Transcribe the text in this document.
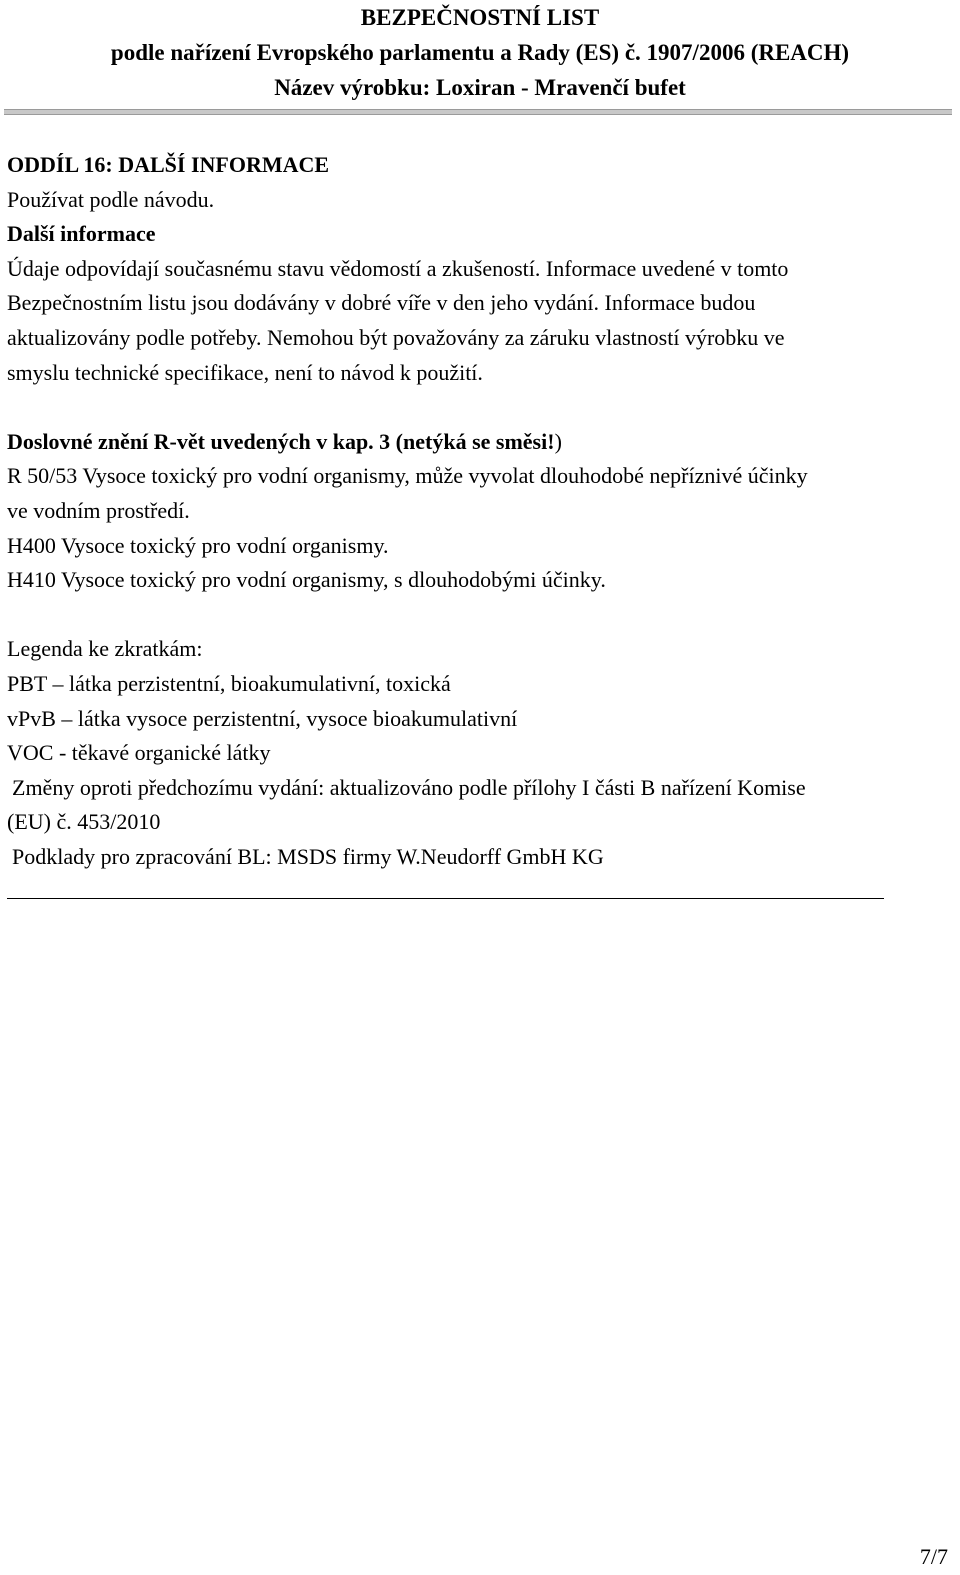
BEZPEČNOSTNÍ LIST
podle nařízení Evropského parlamentu a Rady (ES) č. 1907/2006 (REACH)
Název výrobku: Loxiran - Mravenčí bufet
ODDÍL 16: DALŠÍ INFORMACE
Používat podle návodu.
Další informace
Údaje odpovídají současnému stavu vědomostí a zkušeností. Informace uvedené v tomto
Bezpečnostním listu jsou dodávány v dobré víře v den jeho vydání. Informace budou
aktualizovány podle potřeby. Nemohou být považovány za záruku vlastností výrobku ve
smyslu technické specifikace, není to návod k použití.
Doslovné znění R-vět uvedených v kap. 3 (netýká se směsi!)
R 50/53 Vysoce toxický pro vodní organismy, může vyvolat dlouhodobé nepříznivé účinky
ve vodním prostředí.
H400 Vysoce toxický pro vodní organismy.
H410 Vysoce toxický pro vodní organismy, s dlouhodobými účinky.
Legenda ke zkratkám:
PBT – látka perzistentní, bioakumulativní, toxická
vPvB – látka vysoce perzistentní, vysoce bioakumulativní
VOC - těkavé organické látky
Změny oproti předchozímu vydání: aktualizováno podle přílohy I části B nařízení Komise
(EU) č. 453/2010
Podklady pro zpracování BL: MSDS firmy W.Neudorff GmbH KG
7/7
